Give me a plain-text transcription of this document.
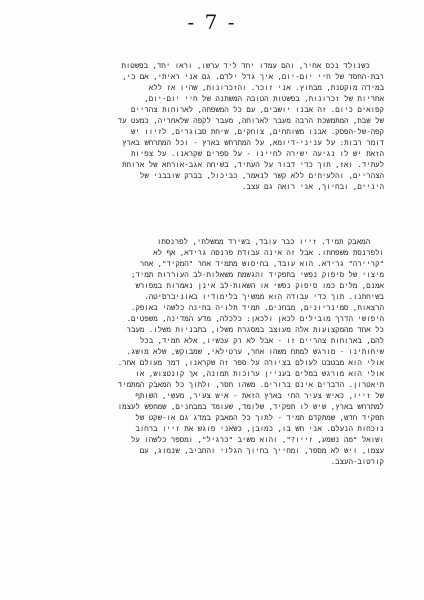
- 7 -
כשנולד נכס אחיר, והם עמדו יחד ליד ערשו, וראו יחד, בפשטות
רבת-החסד של חיי יום-יום, איך גדל ילדם. גם אני ראיתי, אם כי,
במידה מוקטנת, מבחוץ. אני זוכר. והזכרונות, שהיו אז ללא
אחריות של זכרונות, בפשטות הטובה המשתנה של חיי יום-יום,
קפואים כיום. זה אבנו יושבים, עם כל המשפחה, לארוחות צהריים
של שבת, המתמשכת הרבה מעבר לארוחה, מעבר לקפה שלאחריה, כמעט עד
קפה-של-הפסק. אבנו משוחחים, צוחקים, שיחת סבוגרים, לזיוו יש
דומר רבות: על עניני-דיומא, על המתרחש בארץ - וכל המתרחש בארץ
הזאת יש לו נגיעה ישירה לחיינו - על ספרים שקראנו. על צפיות
לעתיד. ואז, תוך כדי דבור על העתיד, בשיחה אגב-אורחא של ארוחת
הצהריים, והלעיחים ללא קשר לנאמר, כביכול, בברק שובבני של
היניים, ובחיוך, אני רואה גם עצב.
המאבק תמיד. זייו כבר עובד, בשירד ממשלתי, לפרנסתו
ולפרנסת משפחתו. אבל זה אינה עבודת פרנסה גרידא, אף לא
"קריירה" גרידא. הוא עובד, בחיסוש מתמיד אחר "המקיד", אחר
מיצוי של סיפוק נפשי בתפקיד והגשמת משאלות-לב העוררות תמיד;
אמנם, מלים כמו סיפוק נפשי או השאות-לב אינן נאמרות במפורש
בשיחתנו. תוך כדי עבודה הוא ממשיך בלימודיו באוניברסיטה.
הרצאות, סמינריונים, מבחנים. תמיד תלויה בחינה כלשהי באופק.
היפושי הדרך מובילים לכאן ולכאן: כלכלה, מדע המדינה, משפטים.
כל אחד מהמקצועות אלה מעוצב במסגרת משלו, בתבניות משלו. מעבר
להם, בארוחות צהריים זו - אבל לא רק עכשיו, אלא תמיד, בכל
שיחותינו - מורגש למתח משהו אחר, ערטילאי, שמבוקש, שלא מושג.
אולי הוא מבטבט לעולם בציורה על ספר זה שקראנו, דמר מעולם אחר.
אולי הוא מורגש במלים בעניין ערוכות תמונה, אך קונטצוש, או
תיאטרון. הדברים אינם ברורים. משהו חסר, ולתוך כל המאבק המתמיד
של זייו, כאיש צעיר החי בארץ הזאת - איש צעיר, מעשי, השותף
למתרחש בארץ, שיש לו תפקיד, שלומד, שעומד במבחנים, שמחפש לעצמו
תפקיד חדש, שמתקדם תמיד - לתוך כל המאבק במדג גם או-שקט של
נוכחות הנעלם. אני חש בו, כמובן, כשאני פוגש את זייו ברחוב
ושואל "מה נשמע, זייו?", והוא משיב "כרגיל", ומספר כלשהו על
עצמו, ויש לא מספר, ומחייך בחיוך הגלוי והחביב, שנמוג, עם
קורטוב-העצב.
